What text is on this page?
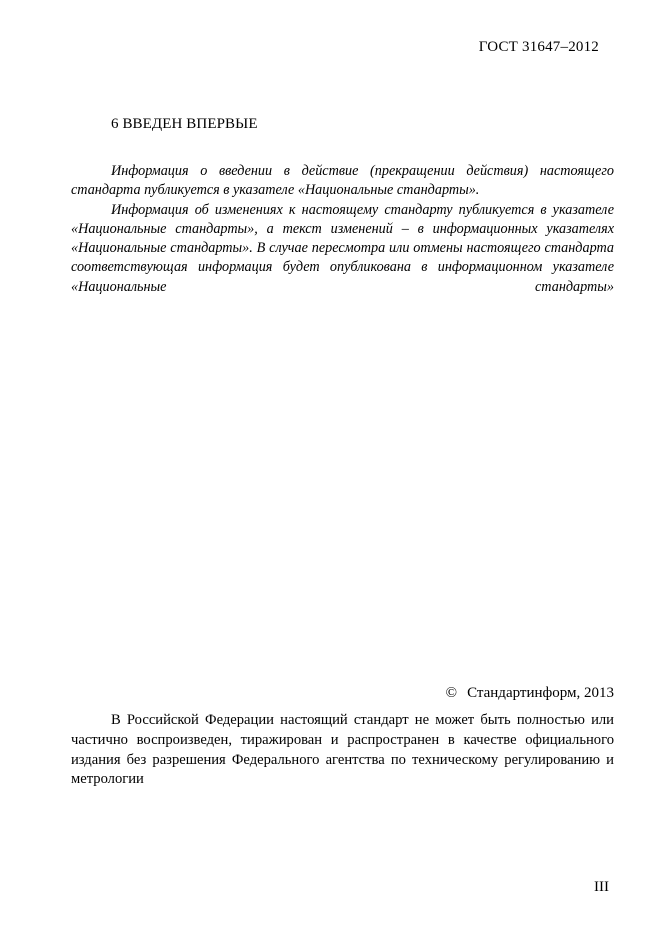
ГОСТ 31647–2012
6 ВВЕДЕН ВПЕРВЫЕ

Информация о введении в действие (прекращении действия) настоящего стандарта публикуется в указателе «Национальные стандарты».

Информация об изменениях к настоящему стандарту публикуется в указателе «Национальные стандарты», а текст изменений – в информационных указателях «Национальные стандарты». В случае пересмотра или отмены настоящего стандарта соответствующая информация будет опубликована в информационном указателе «Национальные стандарты»

© Стандартинформ, 2013

В Российской Федерации настоящий стандарт не может быть полностью или частично воспроизведен, тиражирован и распространен в качестве официального издания без разрешения Федерального агентства по техническому регулированию и метрологии

III
